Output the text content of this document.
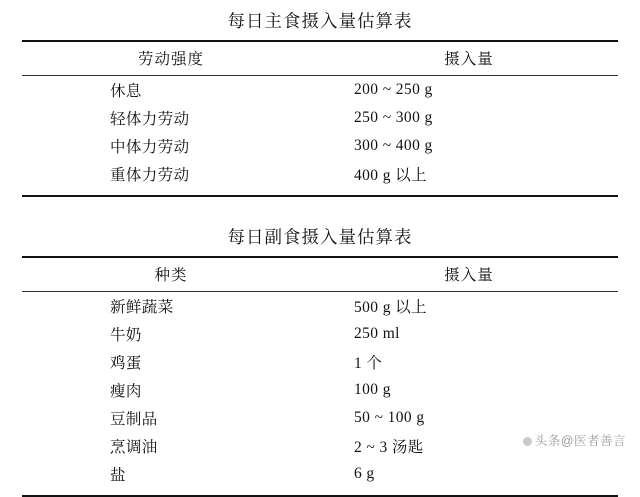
每日主食摄入量估算表
劳动强度	摄入量
休息	200 ~ 250 g
轻体力劳动	250 ~ 300 g
中体力劳动	300 ~ 400 g
重体力劳动	400 g 以上
每日副食摄入量估算表
种类	摄入量
新鲜蔬菜	500 g 以上
牛奶	250 ml
鸡蛋	1 个
瘦肉	100 g
豆制品	50 ~ 100 g
烹调油	2 ~ 3 汤匙
盐	6 g
头条@医者善言
